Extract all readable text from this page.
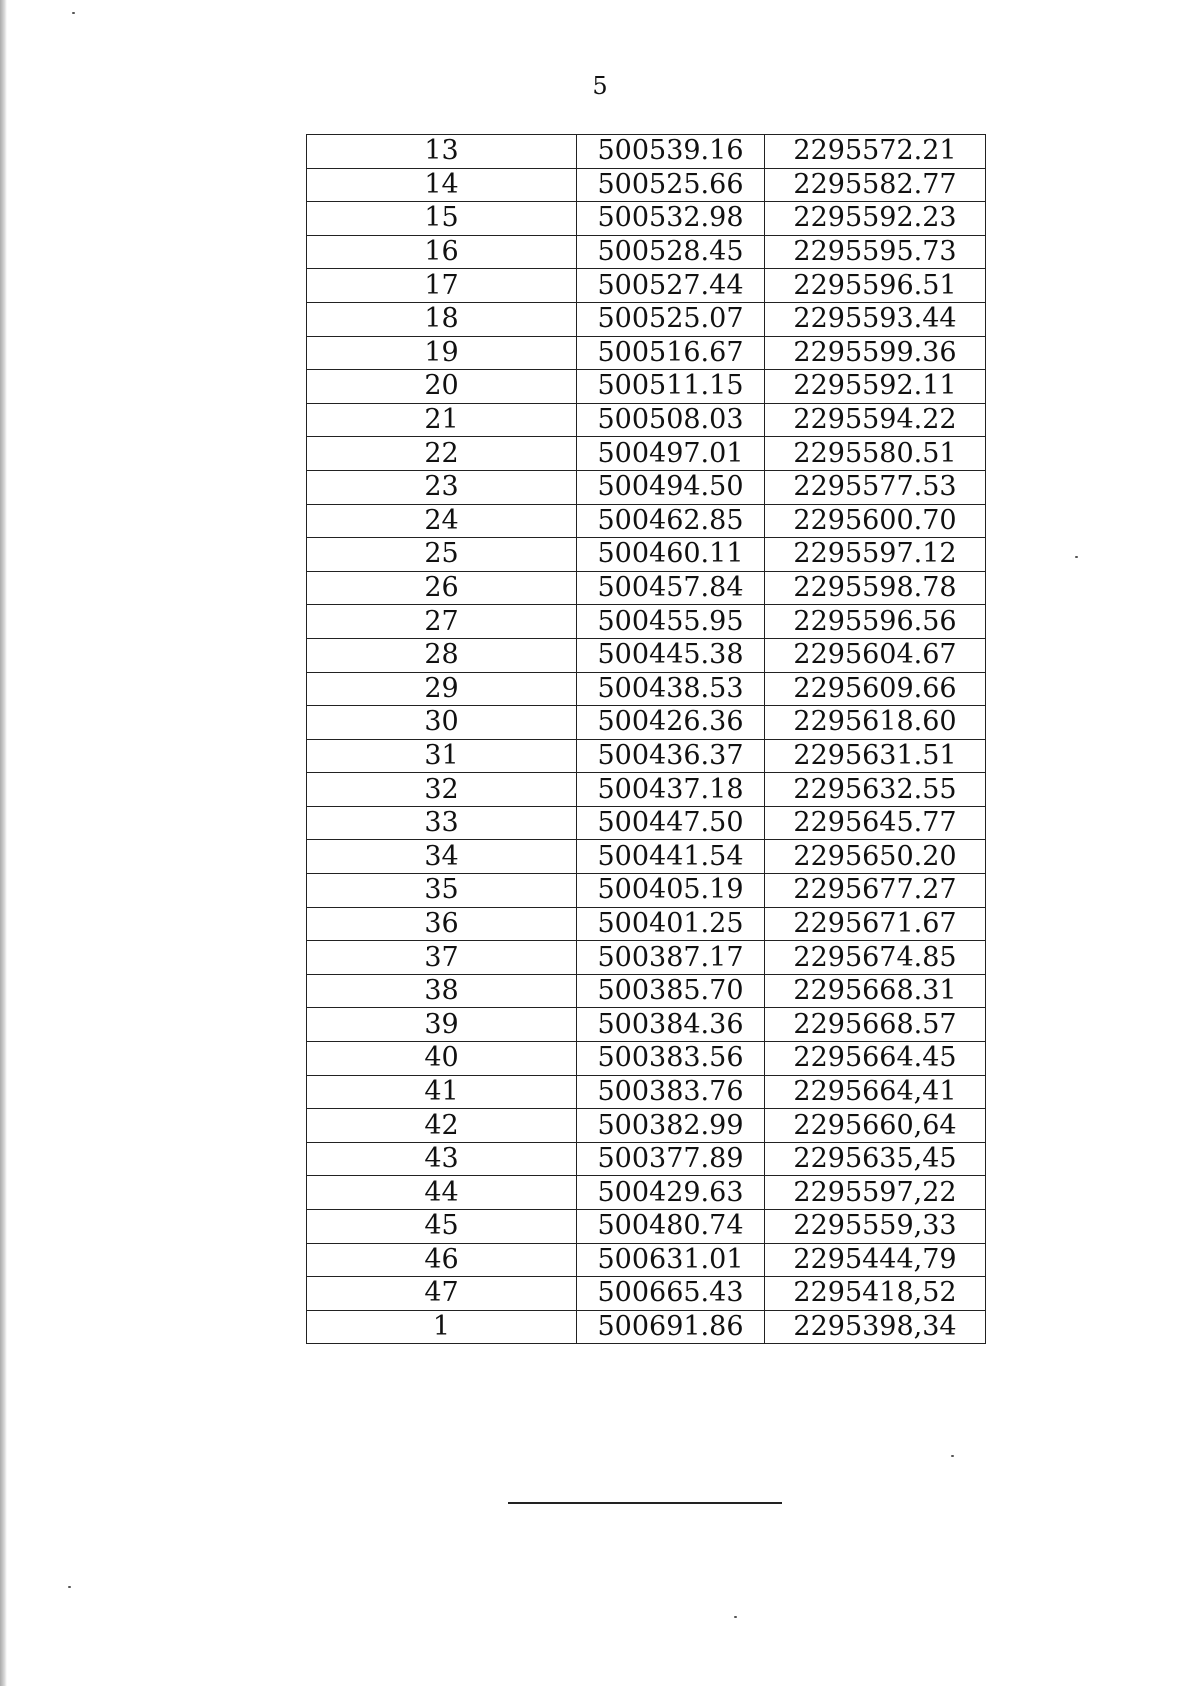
5
13	500539.16	2295572.21
14	500525.66	2295582.77
15	500532.98	2295592.23
16	500528.45	2295595.73
17	500527.44	2295596.51
18	500525.07	2295593.44
19	500516.67	2295599.36
20	500511.15	2295592.11
21	500508.03	2295594.22
22	500497.01	2295580.51
23	500494.50	2295577.53
24	500462.85	2295600.70
25	500460.11	2295597.12
26	500457.84	2295598.78
27	500455.95	2295596.56
28	500445.38	2295604.67
29	500438.53	2295609.66
30	500426.36	2295618.60
31	500436.37	2295631.51
32	500437.18	2295632.55
33	500447.50	2295645.77
34	500441.54	2295650.20
35	500405.19	2295677.27
36	500401.25	2295671.67
37	500387.17	2295674.85
38	500385.70	2295668.31
39	500384.36	2295668.57
40	500383.56	2295664.45
41	500383.76	2295664,41
42	500382.99	2295660,64
43	500377.89	2295635,45
44	500429.63	2295597,22
45	500480.74	2295559,33
46	500631.01	2295444,79
47	500665.43	2295418,52
1	500691.86	2295398,34
